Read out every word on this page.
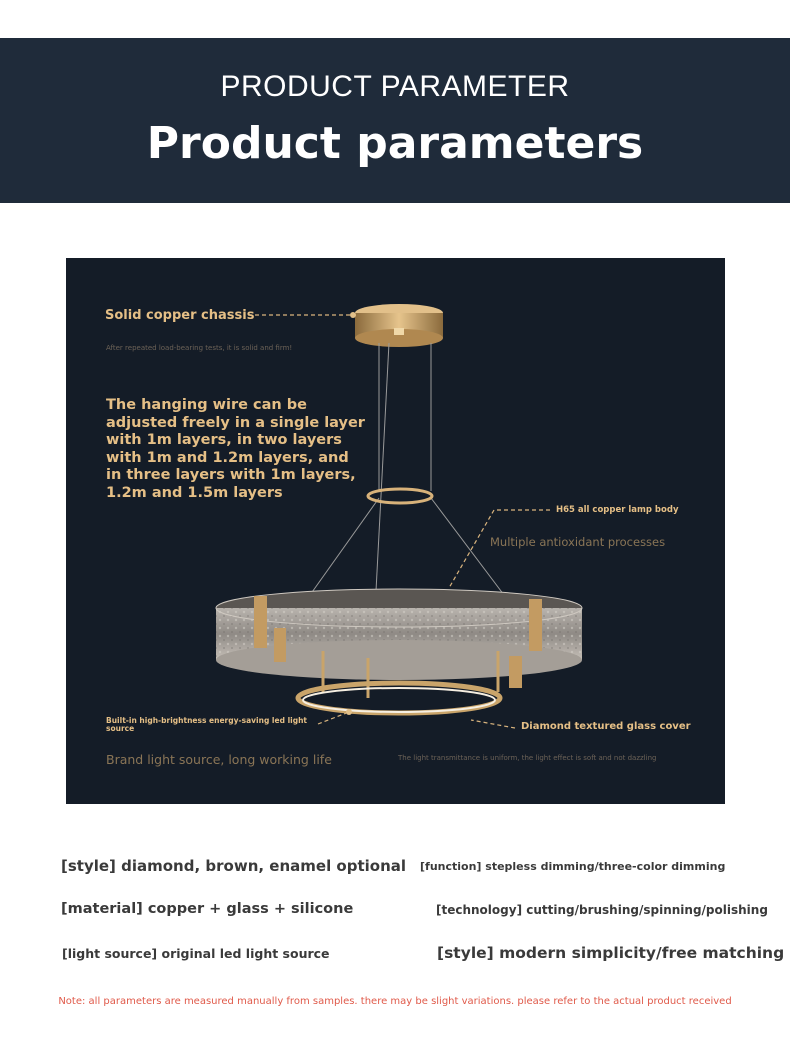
PRODUCT PARAMETER
Product parameters
Solid copper chassis
After repeated load-bearing tests, it is solid and firm!
The hanging wire can be
adjusted freely in a single layer
with 1m layers, in two layers
with 1m and 1.2m layers, and
in three layers with 1m layers,
1.2m and 1.5m layers
H65 all copper lamp body
Multiple antioxidant processes
Built-in high-brightness energy-saving led light source
Brand light source, long working life
Diamond textured glass cover
The light transmittance is uniform, the light effect is soft and not dazzling
[style] diamond, brown, enamel optional [function] stepless dimming/three-color dimming
[material] copper + glass + silicone	[technology] cutting/brushing/spinning/polishing
[light source] original led light source	[style] modern simplicity/free matching
Note: all parameters are measured manually from samples. there may be slight variations. please refer to the actual product received
